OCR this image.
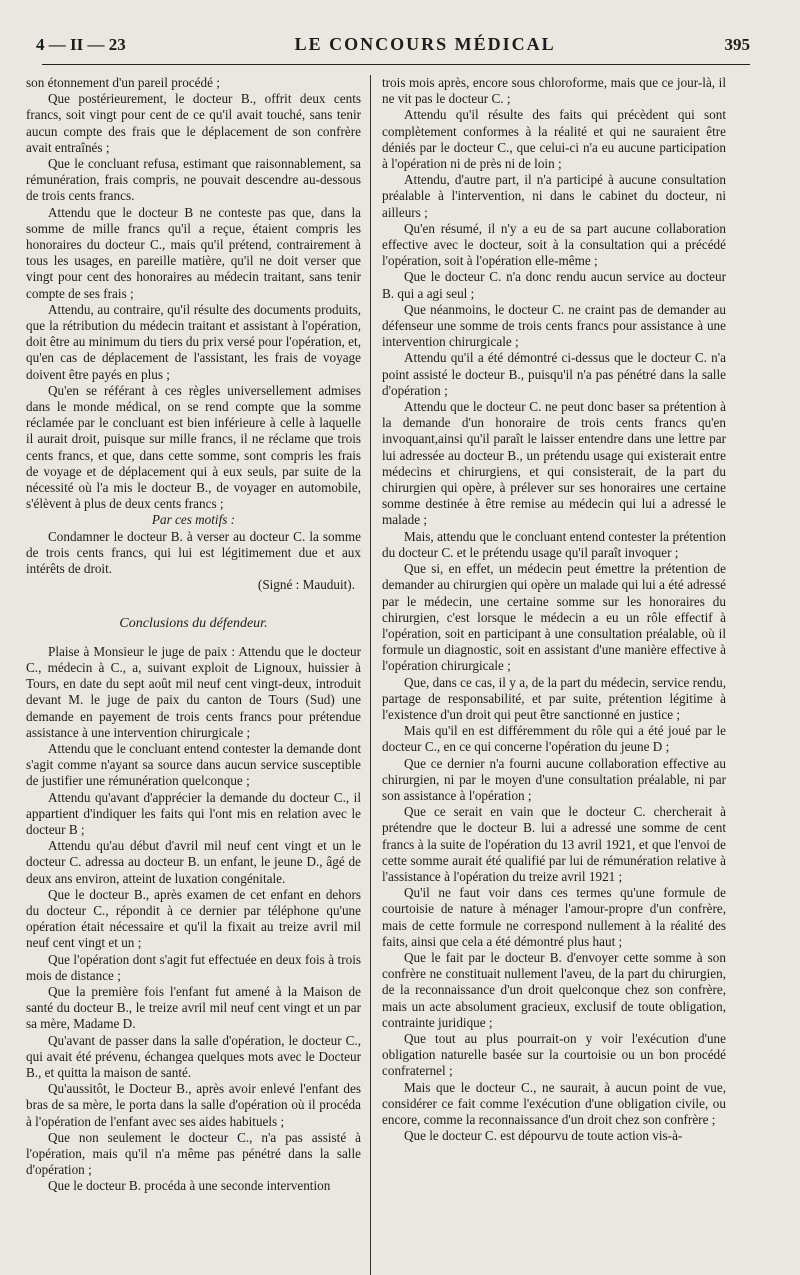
4 — II — 23	LE CONCOURS MÉDICAL	395

son étonnement d'un pareil procédé ;

Que postérieurement, le docteur B., offrit deux cents francs, soit vingt pour cent de ce qu'il avait touché, sans tenir aucun compte des frais que le déplacement de son confrère avait entraînés ;

Que le concluant refusa, estimant que raisonnablement, sa rémunération, frais compris, ne pouvait descendre au-dessous de trois cents francs.

Attendu que le docteur B ne conteste pas que, dans la somme de mille francs qu'il a reçue, étaient compris les honoraires du docteur C., mais qu'il prétend, contrairement à tous les usages, en pareille matière, qu'il ne doit verser que vingt pour cent des honoraires au médecin traitant, sans tenir compte de ses frais ;

Attendu, au contraire, qu'il résulte des documents produits, que la rétribution du médecin traitant et assistant à l'opération, doit être au minimum du tiers du prix versé pour l'opération, et, qu'en cas de déplacement de l'assistant, les frais de voyage doivent être payés en plus ;

Qu'en se référant à ces règles universellement admises dans le monde médical, on se rend compte que la somme réclamée par le concluant est bien inférieure à celle à laquelle il aurait droit, puisque sur mille francs, il ne réclame que trois cents francs, et que, dans cette somme, sont compris les frais de voyage et de déplacement qui à eux seuls, par suite de la nécessité où l'a mis le docteur B., de voyager en automobile, s'élèvent à plus de deux cents francs ;

Par ces motifs :

Condamner le docteur B. à verser au docteur C. la somme de trois cents francs, qui lui est légitimement due et aux intérêts de droit.

(Signé : Mauduit).

Conclusions du défendeur.

Plaise à Monsieur le juge de paix : Attendu que le docteur C., médecin à C., a, suivant exploit de Lignoux, huissier à Tours, en date du sept août mil neuf cent vingt-deux, introduit devant M. le juge de paix du canton de Tours (Sud) une demande en payement de trois cents francs pour prétendue assistance à une intervention chirurgicale ;

Attendu que le concluant entend contester la demande dont s'agit comme n'ayant sa source dans aucun service susceptible de justifier une rémunération quelconque ;

Attendu qu'avant d'apprécier la demande du docteur C., il appartient d'indiquer les faits qui l'ont mis en relation avec le docteur B ;

Attendu qu'au début d'avril mil neuf cent vingt et un le docteur C. adressa au docteur B. un enfant, le jeune D., âgé de deux ans environ, atteint de luxation congénitale.

Que le docteur B., après examen de cet enfant en dehors du docteur C., répondit à ce dernier par téléphone qu'une opération était nécessaire et qu'il la fixait au treize avril mil neuf cent vingt et un ;

Que l'opération dont s'agit fut effectuée en deux fois à trois mois de distance ;

Que la première fois l'enfant fut amené à la Maison de santé du docteur B., le treize avril mil neuf cent vingt et un par sa mère, Madame D.

Qu'avant de passer dans la salle d'opération, le docteur C., qui avait été prévenu, échangea quelques mots avec le Docteur B., et quitta la maison de santé.

Qu'aussitôt, le Docteur B., après avoir enlevé l'enfant des bras de sa mère, le porta dans la salle d'opération où il procéda à l'opération de l'enfant avec ses aides habituels ;

Que non seulement le docteur C., n'a pas assisté à l'opération, mais qu'il n'a même pas pénétré dans la salle d'opération ;

Que le docteur B. procéda à une seconde intervention

trois mois après, encore sous chloroforme, mais que ce jour-là, il ne vit pas le docteur C. ;

Attendu qu'il résulte des faits qui précèdent qui sont complètement conformes à la réalité et qui ne sauraient être déniés par le docteur C., que celui-ci n'a eu aucune participation à l'opération ni de près ni de loin ;

Attendu, d'autre part, il n'a participé à aucune consultation préalable à l'intervention, ni dans le cabinet du docteur, ni ailleurs ;

Qu'en résumé, il n'y a eu de sa part aucune collaboration effective avec le docteur, soit à la consultation qui a précédé l'opération, soit à l'opération elle-même ;

Que le docteur C. n'a donc rendu aucun service au docteur B. qui a agi seul ;

Que néanmoins, le docteur C. ne craint pas de demander au défenseur une somme de trois cents francs pour assistance à une intervention chirurgicale ;

Attendu qu'il a été démontré ci-dessus que le docteur C. n'a point assisté le docteur B., puisqu'il n'a pas pénétré dans la salle d'opération ;

Attendu que le docteur C. ne peut donc baser sa prétention à la demande d'un honoraire de trois cents francs qu'en invoquant,ainsi qu'il paraît le laisser entendre dans une lettre par lui adressée au docteur B., un prétendu usage qui existerait entre médecins et chirurgiens, et qui consisterait, de la part du chirurgien qui opère, à prélever sur ses honoraires une certaine somme destinée à être remise au médecin qui lui a adressé le malade ;

Mais, attendu que le concluant entend contester la prétention du docteur C. et le prétendu usage qu'il paraît invoquer ;

Que si, en effet, un médecin peut émettre la prétention de demander au chirurgien qui opère un malade qui lui a été adressé par le médecin, une certaine somme sur les honoraires du chirurgien, c'est lorsque le médecin a eu un rôle effectif à l'opération, soit en participant à une consultation préalable, où il formule un diagnostic, soit en assistant d'une manière effective à l'opération chirurgicale ;

Que, dans ce cas, il y a, de la part du médecin, service rendu, partage de responsabilité, et par suite, prétention légitime à l'existence d'un droit qui peut être sanctionné en justice ;

Mais qu'il en est différemment du rôle qui a été joué par le docteur C., en ce qui concerne l'opération du jeune D ;

Que ce dernier n'a fourni aucune collaboration effective au chirurgien, ni par le moyen d'une consultation préalable, ni par son assistance à l'opération ;

Que ce serait en vain que le docteur C. chercherait à prétendre que le docteur B. lui a adressé une somme de cent francs à la suite de l'opération du 13 avril 1921, et que l'envoi de cette somme aurait été qualifié par lui de rémunération relative à l'assistance à l'opération du treize avril 1921 ;

Qu'il ne faut voir dans ces termes qu'une formule de courtoisie de nature à ménager l'amour-propre d'un confrère, mais de cette formule ne correspond nullement à la réalité des faits, ainsi que cela a été démontré plus haut ;

Que le fait par le docteur B. d'envoyer cette somme à son confrère ne constituait nullement l'aveu, de la part du chirurgien, de la reconnaissance d'un droit quelconque chez son confrère, mais un acte absolument gracieux, exclusif de toute obligation, contrainte juridique ;

Que tout au plus pourrait-on y voir l'exécution d'une obligation naturelle basée sur la courtoisie ou un bon procédé confraternel ;

Mais que le docteur C., ne saurait, à aucun point de vue, considérer ce fait comme l'exécution d'une obligation civile, ou encore, comme la reconnaissance d'un droit chez son confrère ;

Que le docteur C. est dépourvu de toute action vis-à-
